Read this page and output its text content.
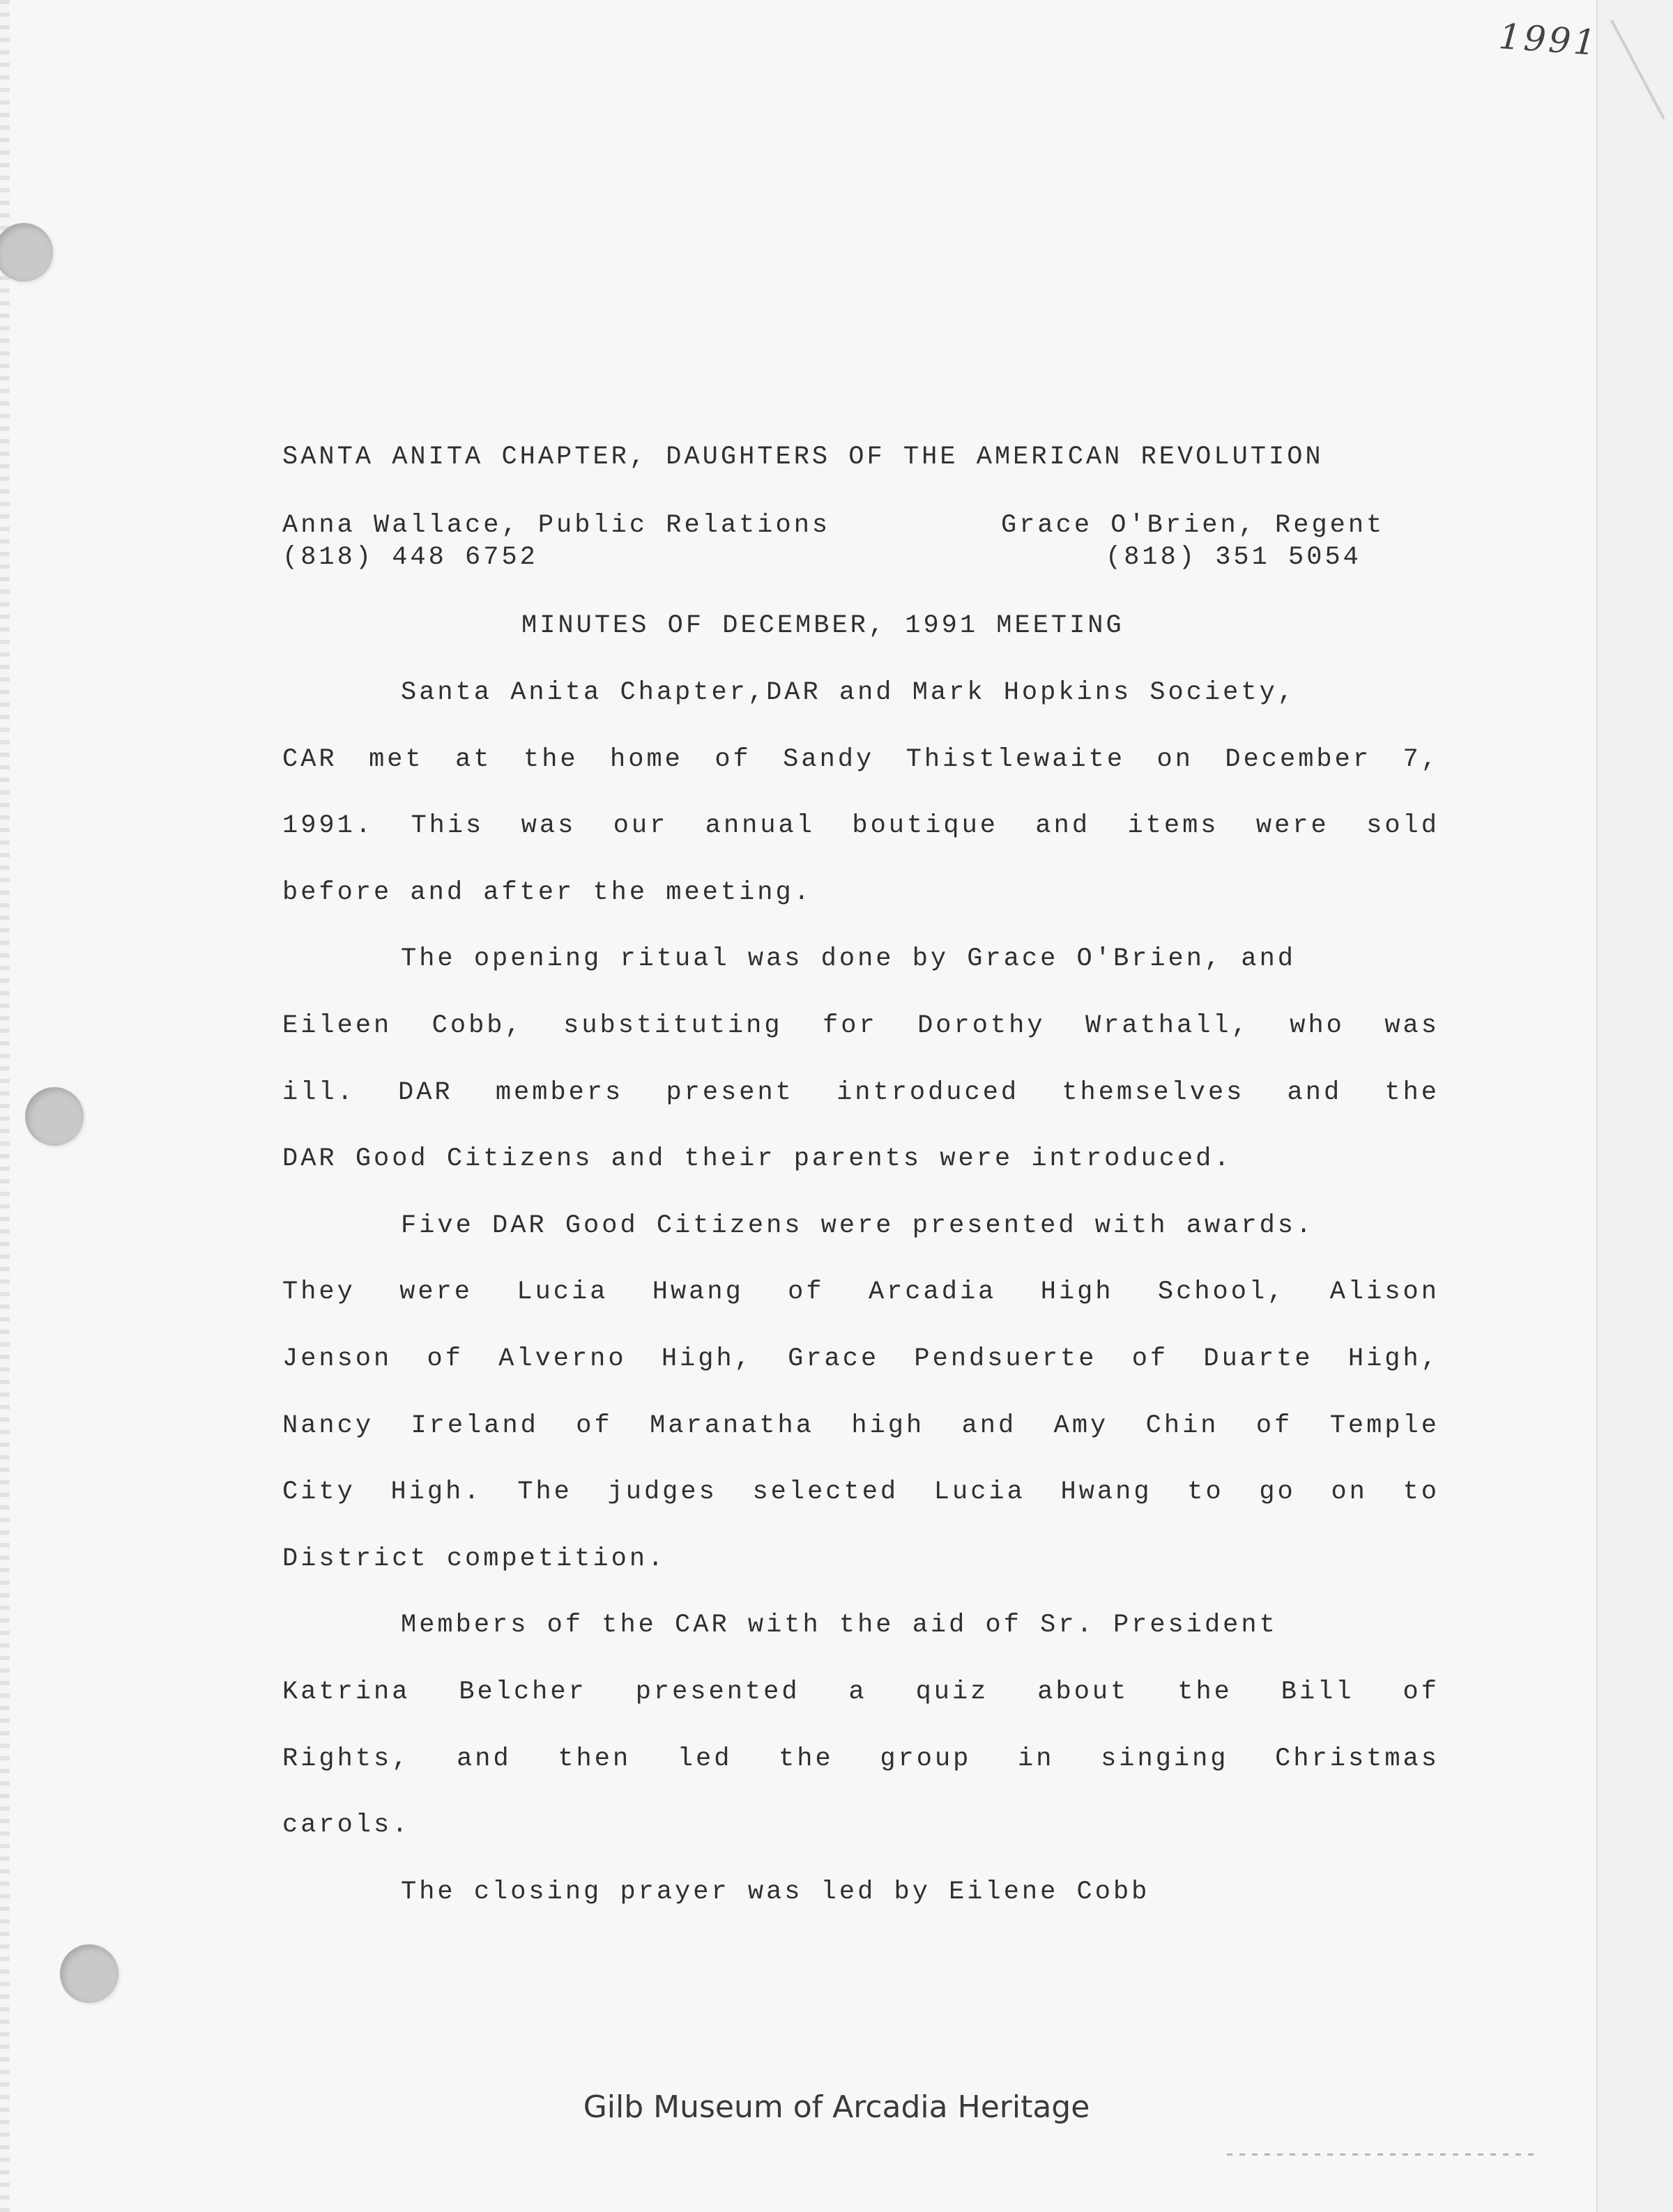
1991
SANTA ANITA CHAPTER, DAUGHTERS OF THE AMERICAN REVOLUTION
Anna Wallace, Public Relations
(818) 448 6752
Grace O'Brien, Regent
(818) 351 5054
MINUTES OF DECEMBER, 1991 MEETING
Santa Anita Chapter,DAR and Mark Hopkins Society,
CAR met at the home of Sandy Thistlewaite on December 7,
1991. This was our annual boutique and items were sold
before and after the meeting.
The opening ritual was done by Grace O'Brien, and
Eileen Cobb, substituting for Dorothy Wrathall, who was
ill. DAR members present introduced themselves and the
DAR Good Citizens and their parents were introduced.
Five DAR Good Citizens were presented with awards.
They were Lucia Hwang of Arcadia High School, Alison
Jenson of Alverno High, Grace Pendsuerte of Duarte High,
Nancy Ireland of Maranatha high and Amy Chin of Temple
City High. The judges selected Lucia Hwang to go on to
District competition.
Members of the CAR with the aid of Sr. President
Katrina Belcher presented a quiz about the Bill of
Rights, and then led the group in singing Christmas
carols.
The closing prayer was led by Eilene Cobb
Gilb Museum of Arcadia Heritage
